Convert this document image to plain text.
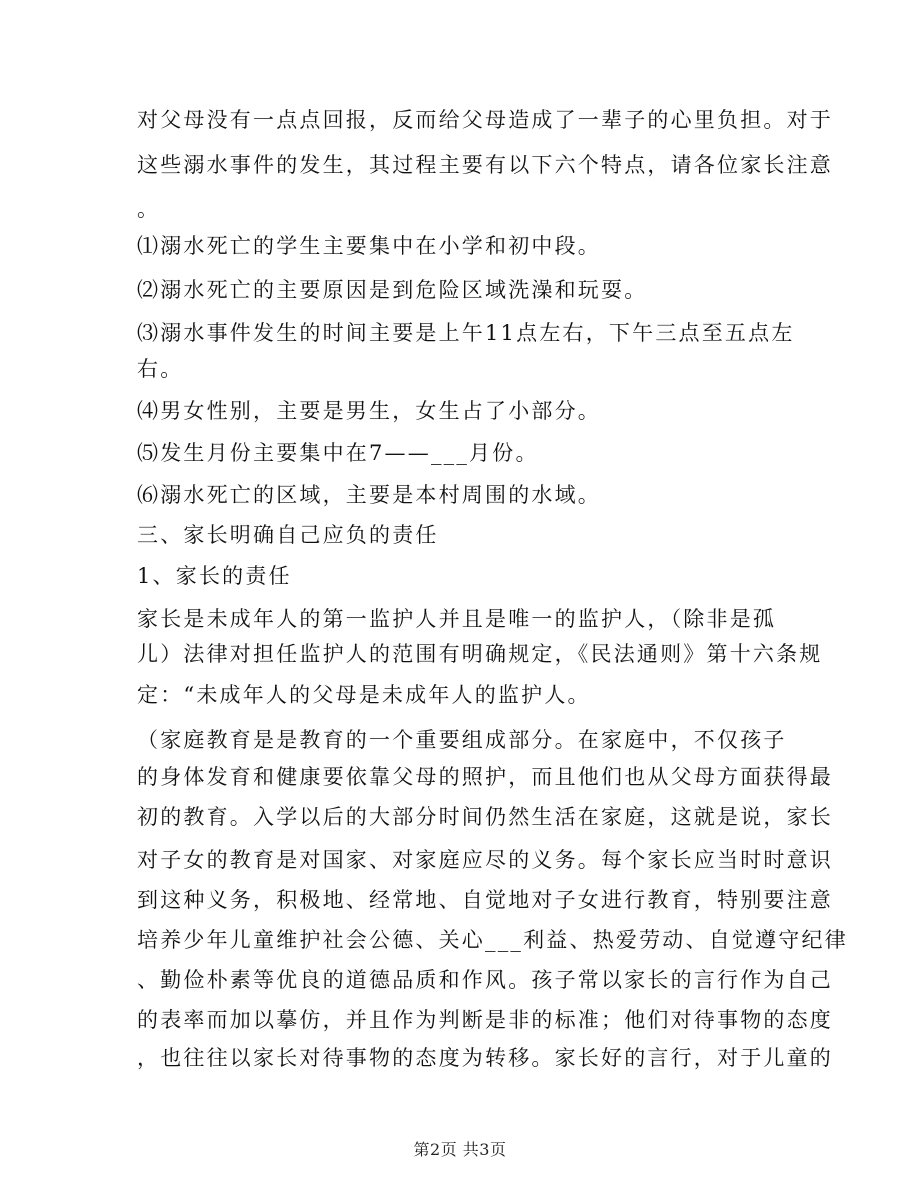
对父母没有一点点回报，反而给父母造成了一辈子的心里负担。对于
这些溺水事件的发生，其过程主要有以下六个特点，请各位家长注意
。
⑴溺水死亡的学生主要集中在小学和初中段。
⑵溺水死亡的主要原因是到危险区域洗澡和玩耍。
⑶溺水事件发生的时间主要是上午11点左右，下午三点至五点左
右。
⑷男女性别，主要是男生，女生占了小部分。
⑸发生月份主要集中在7——___月份。
⑹溺水死亡的区域，主要是本村周围的水域。
三、家长明确自己应负的责任
1、家长的责任
家长是未成年人的第一监护人并且是唯一的监护人，（除非是孤
儿）法律对担任监护人的范围有明确规定，《民法通则》第十六条规
定：“未成年人的父母是未成年人的监护人。
（家庭教育是是教育的一个重要组成部分。在家庭中，不仅孩子
的身体发育和健康要依靠父母的照护，而且他们也从父母方面获得最
初的教育。入学以后的大部分时间仍然生活在家庭，这就是说，家长
对子女的教育是对国家、对家庭应尽的义务。每个家长应当时时意识
到这种义务，积极地、经常地、自觉地对子女进行教育，特别要注意
培养少年儿童维护社会公德、关心___利益、热爱劳动、自觉遵守纪律
、勤俭朴素等优良的道德品质和作风。孩子常以家长的言行作为自己
的表率而加以摹仿，并且作为判断是非的标准；他们对待事物的态度
，也往往以家长对待事物的态度为转移。家长好的言行，对于儿童的
第2页 共3页
